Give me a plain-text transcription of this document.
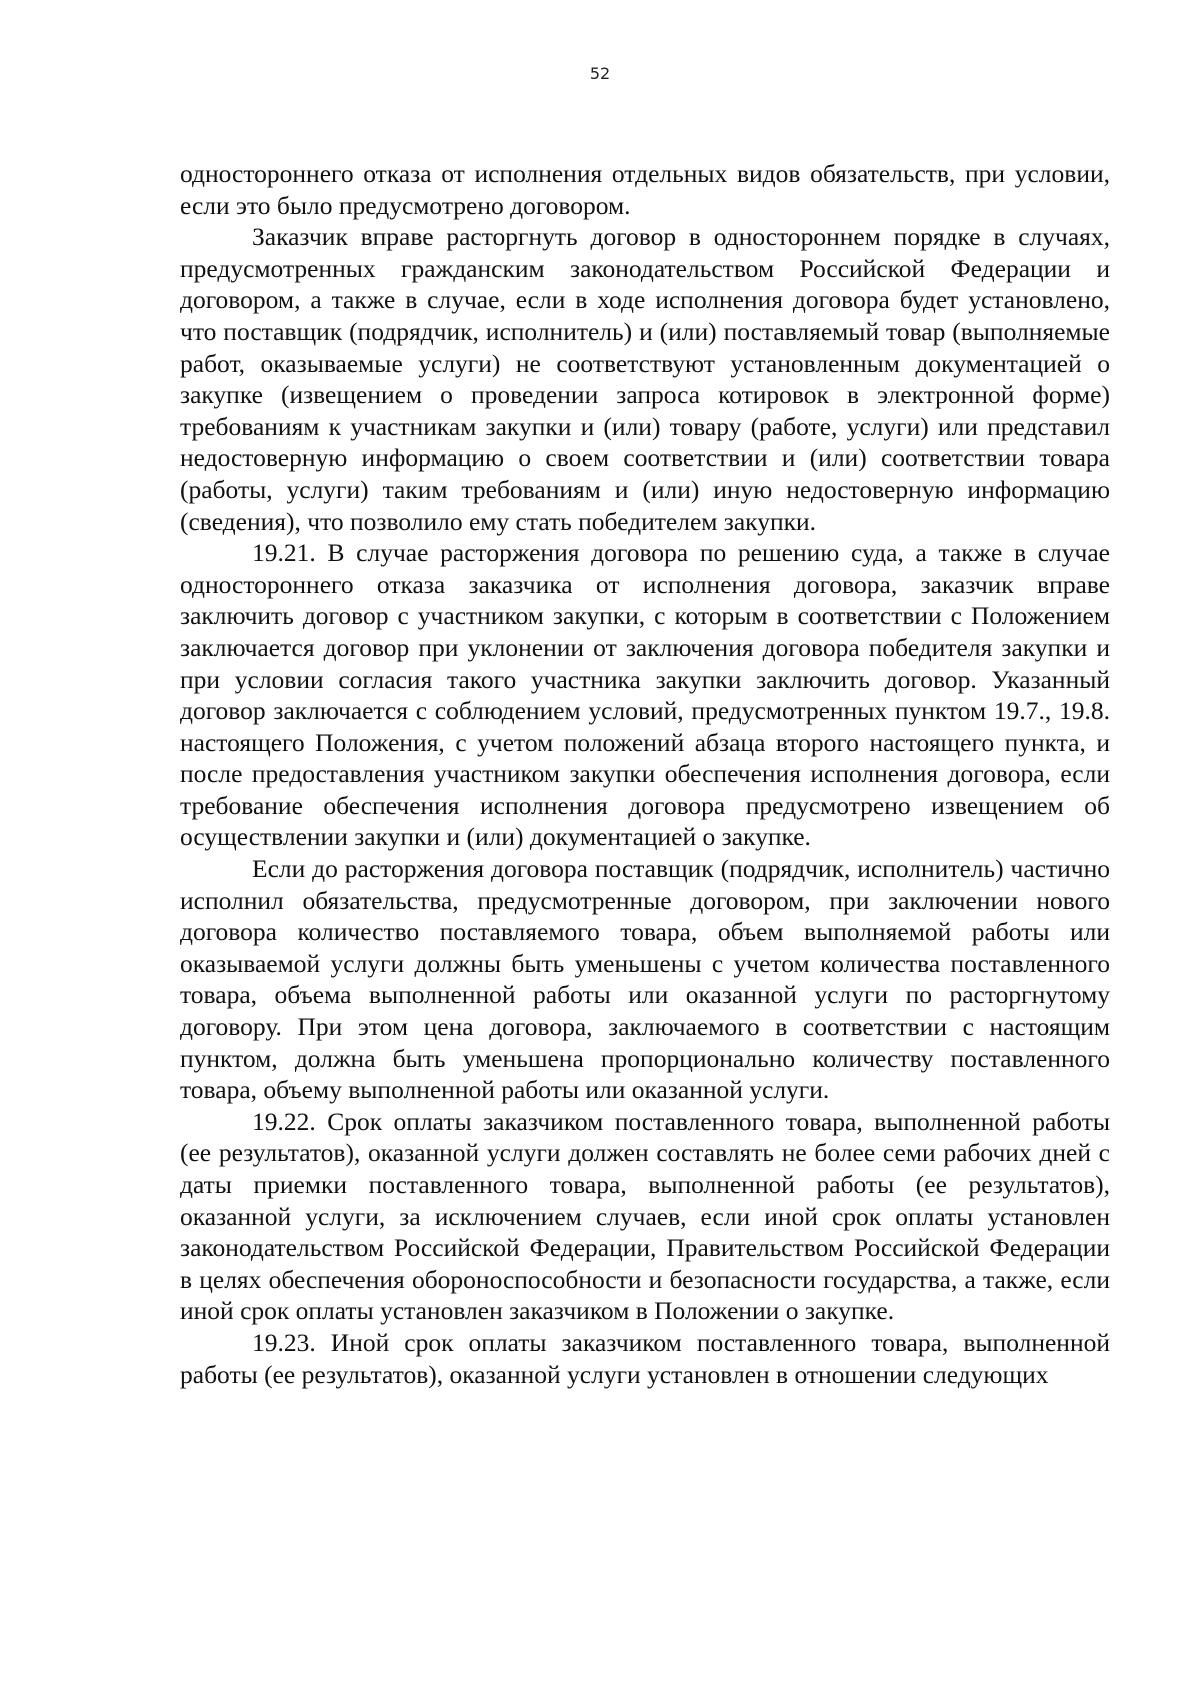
52

одностороннего отказа от исполнения отдельных видов обязательств, при условии, если это было предусмотрено договором.

Заказчик вправе расторгнуть договор в одностороннем порядке в случаях, предусмотренных гражданским законодательством Российской Федерации и договором, а также в случае, если в ходе исполнения договора будет установлено, что поставщик (подрядчик, исполнитель) и (или) поставляемый товар (выполняемые работ, оказываемые услуги) не соответствуют установленным документацией о закупке (извещением о проведении запроса котировок в электронной форме) требованиям к участникам закупки и (или) товару (работе, услуги) или представил недостоверную информацию о своем соответствии и (или) соответствии товара (работы, услуги) таким требованиям и (или) иную недостоверную информацию (сведения), что позволило ему стать победителем закупки.

19.21. В случае расторжения договора по решению суда, а также в случае одностороннего отказа заказчика от исполнения договора, заказчик вправе заключить договор с участником закупки, с которым в соответствии с Положением заключается договор при уклонении от заключения договора победителя закупки и при условии согласия такого участника закупки заключить договор. Указанный договор заключается с соблюдением условий, предусмотренных пунктом 19.7., 19.8. настоящего Положения, с учетом положений абзаца второго настоящего пункта, и после предоставления участником закупки обеспечения исполнения договора, если требование обеспечения исполнения договора предусмотрено извещением об осуществлении закупки и (или) документацией о закупке.

Если до расторжения договора поставщик (подрядчик, исполнитель) частично исполнил обязательства, предусмотренные договором, при заключении нового договора количество поставляемого товара, объем выполняемой работы или оказываемой услуги должны быть уменьшены с учетом количества поставленного товара, объема выполненной работы или оказанной услуги по расторгнутому договору. При этом цена договора, заключаемого в соответствии с настоящим пунктом, должна быть уменьшена пропорционально количеству поставленного товара, объему выполненной работы или оказанной услуги.

19.22. Срок оплаты заказчиком поставленного товара, выполненной работы (ее результатов), оказанной услуги должен составлять не более семи рабочих дней с даты приемки поставленного товара, выполненной работы (ее результатов), оказанной услуги, за исключением случаев, если иной срок оплаты установлен законодательством Российской Федерации, Правительством Российской Федерации в целях обеспечения обороноспособности и безопасности государства, а также, если иной срок оплаты установлен заказчиком в Положении о закупке.

19.23. Иной срок оплаты заказчиком поставленного товара, выполненной работы (ее результатов), оказанной услуги установлен в отношении следующих
